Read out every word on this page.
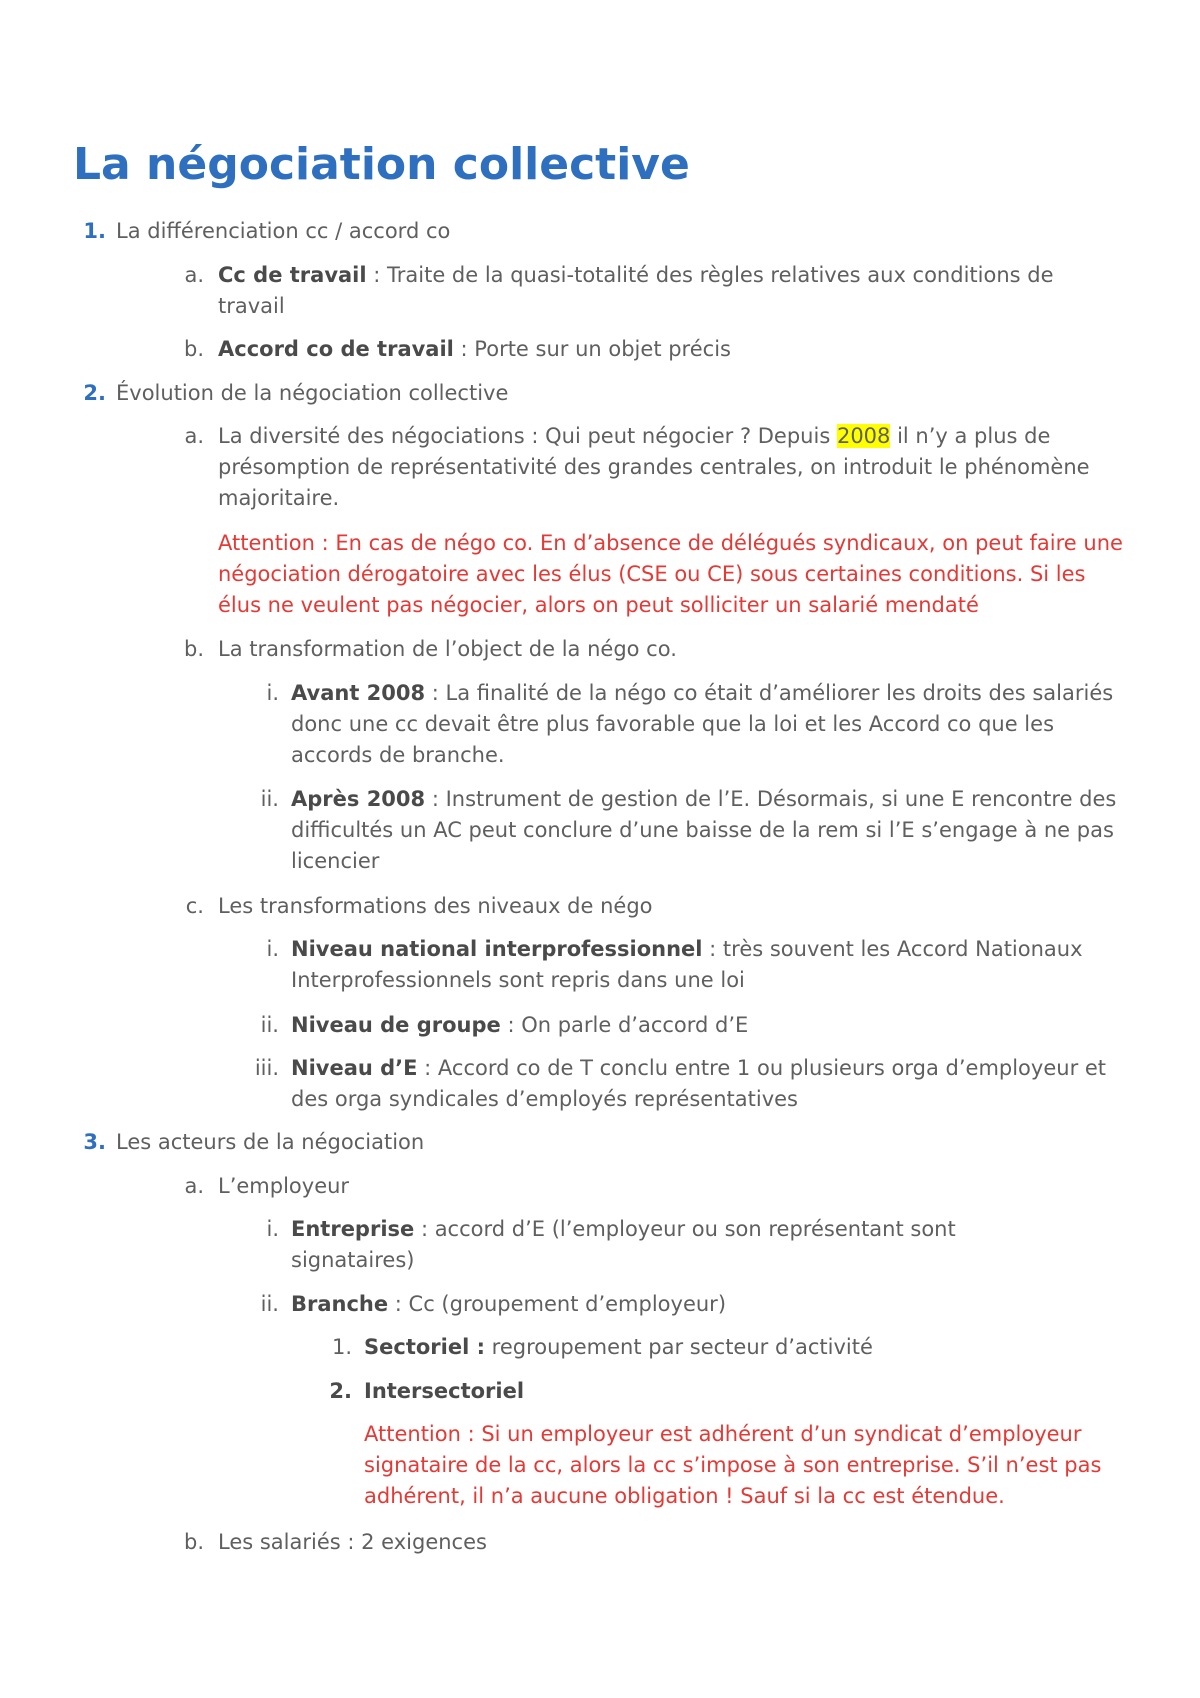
La négociation collective
1. La différenciation cc / accord co
a. Cc de travail : Traite de la quasi-totalité des règles relatives aux conditions de travail
b. Accord co de travail : Porte sur un objet précis
2. Évolution de la négociation collective
a. La diversité des négociations : Qui peut négocier ? Depuis 2008 il n’y a plus de présomption de représentativité des grandes centrales, on introduit le phénomène majoritaire.
Attention : En cas de négo co. En d’absence de délégués syndicaux, on peut faire une négociation dérogatoire avec les élus (CSE ou CE) sous certaines conditions. Si les élus ne veulent pas négocier, alors on peut solliciter un salarié mendaté
b. La transformation de l’object de la négo co.
i. Avant 2008 : La finalité de la négo co était d’améliorer les droits des salariés donc une cc devait être plus favorable que la loi et les Accord co que les accords de branche.
ii. Après 2008 : Instrument de gestion de l’E. Désormais, si une E rencontre des difficultés un AC peut conclure d’une baisse de la rem si l’E s’engage à ne pas licencier
c. Les transformations des niveaux de négo
i. Niveau national interprofessionnel : très souvent les Accord Nationaux Interprofessionnels sont repris dans une loi
ii. Niveau de groupe : On parle d’accord d’E
iii. Niveau d’E : Accord co de T conclu entre 1 ou plusieurs orga d’employeur et des orga syndicales d’employés représentatives
3. Les acteurs de la négociation
a. L’employeur
i. Entreprise : accord d’E (l’employeur ou son représentant sont signataires)
ii. Branche : Cc (groupement d’employeur)
1. Sectoriel : regroupement par secteur d’activité
2. Intersectoriel
Attention : Si un employeur est adhérent d’un syndicat d’employeur signataire de la cc, alors la cc s’impose à son entreprise. S’il n’est pas adhérent, il n’a aucune obligation ! Sauf si la cc est étendue.
b. Les salariés : 2 exigences
